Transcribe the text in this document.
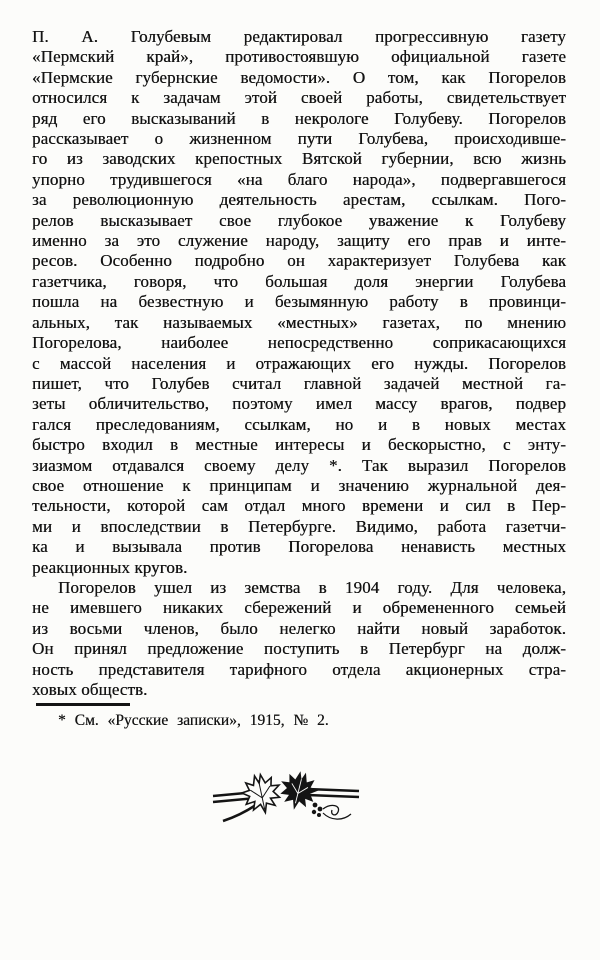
П. А. Голубевым редактировал прогрессивную газету
«Пермский край», противостоявшую официальной газете
«Пермские губернские ведомости». О том, как Погорелов
относился к задачам этой своей работы, свидетельствует
ряд его высказываний в некрологе Голубеву. Погорелов
рассказывает о жизненном пути Голубева, происходивше-
го из заводских крепостных Вятской губернии, всю жизнь
упорно трудившегося «на благо народа», подвергавшегося
за революционную деятельность арестам, ссылкам. Пого-
релов высказывает свое глубокое уважение к Голубеву
именно за это служение народу, защиту его прав и инте-
ресов. Особенно подробно он характеризует Голубева как
газетчика, говоря, что большая доля энергии Голубева
пошла на безвестную и безымянную работу в провинци-
альных, так называемых «местных» газетах, по мнению
Погорелова, наиболее непосредственно соприкасающихся
с массой населения и отражающих его нужды. Погорелов
пишет, что Голубев считал главной задачей местной га-
зеты обличительство, поэтому имел массу врагов, подвер
гался преследованиям, ссылкам, но и в новых местах
быстро входил в местные интересы и бескорыстно, с энту-
зиазмом отдавался своему делу *. Так выразил Погорелов
свое отношение к принципам и значению журнальной дея-
тельности, которой сам отдал много времени и сил в Пер-
ми и впоследствии в Петербурге. Видимо, работа газетчи-
ка и вызывала против Погорелова ненависть местных
реакционных кругов.
Погорелов ушел из земства в 1904 году. Для человека,
не имевшего никаких сбережений и обремененного семьей
из восьми членов, было нелегко найти новый заработок.
Он принял предложение поступить в Петербург на долж-
ность представителя тарифного отдела акционерных стра-
ховых обществ.
* См. «Русские записки», 1915, № 2.
